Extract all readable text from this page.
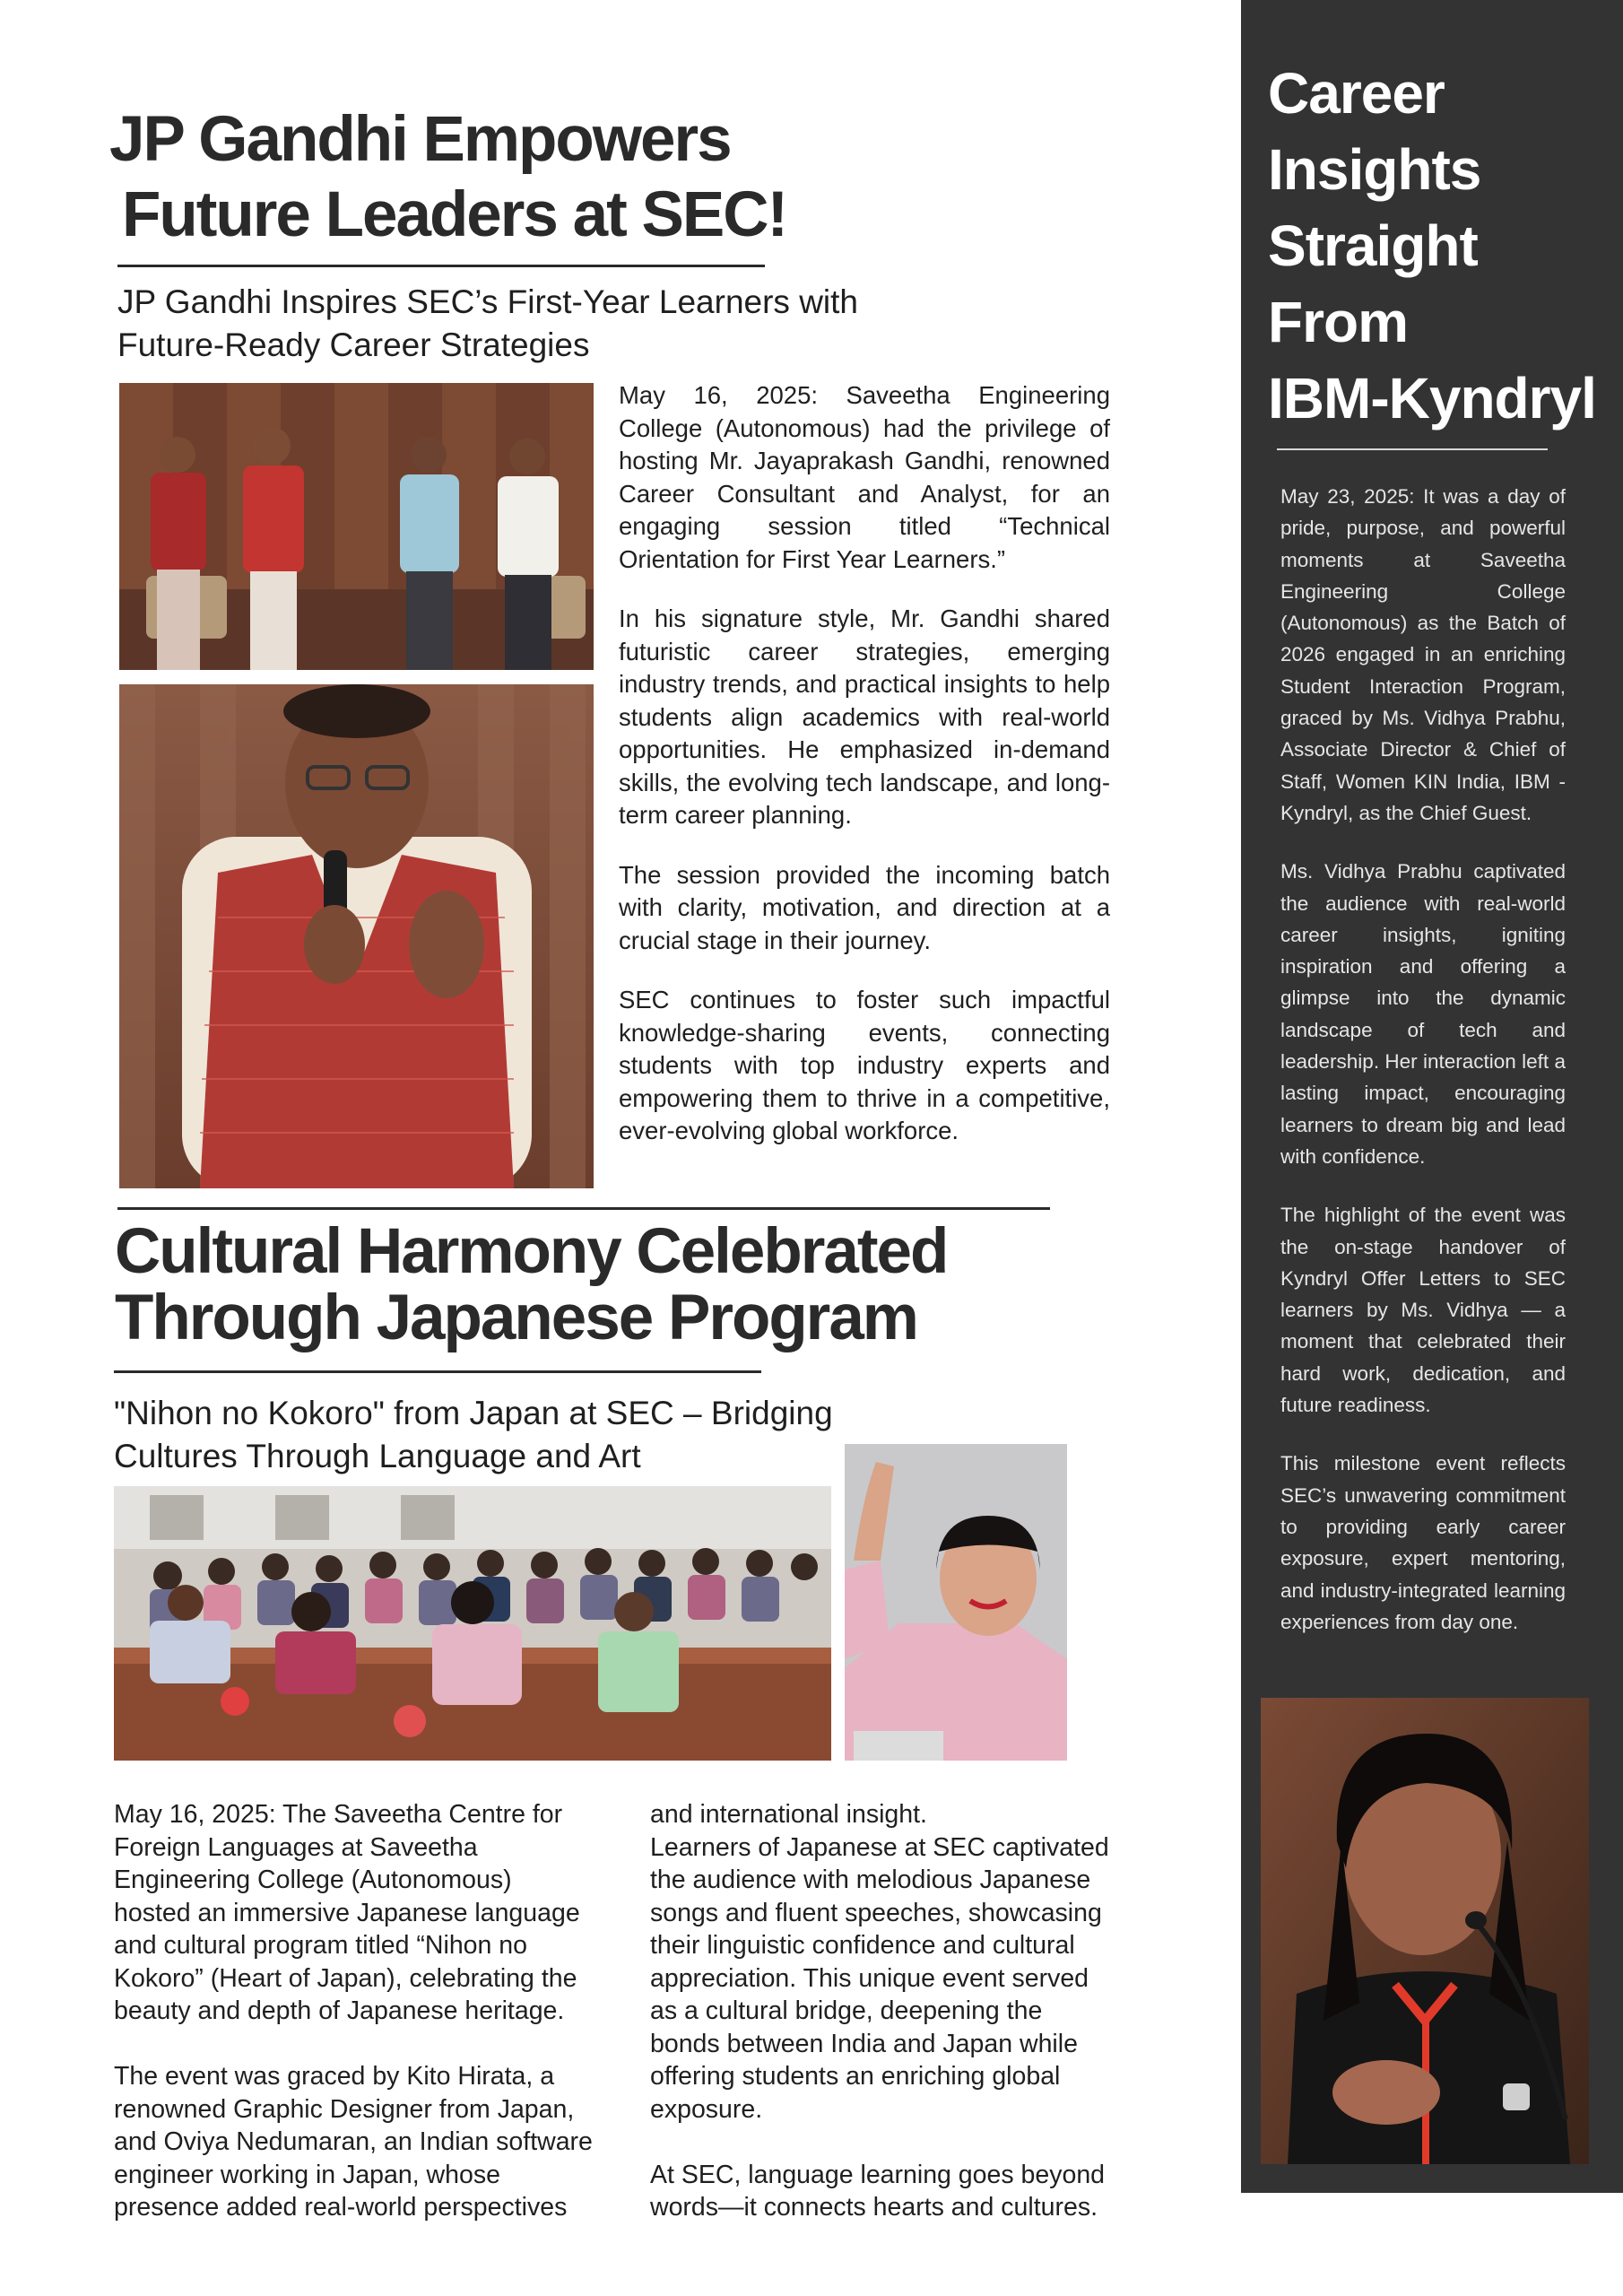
JP Gandhi Empowers
Future Leaders at SEC!
JP Gandhi Inspires SEC’s First-Year Learners with
Future-Ready Career Strategies

May 16, 2025: Saveetha Engineering College (Autonomous) had the privilege of hosting Mr. Jayaprakash Gandhi, renowned Career Consultant and Analyst, for an engaging session titled “Technical Orientation for First Year Learners.”

In his signature style, Mr. Gandhi shared futuristic career strategies, emerging industry trends, and practical insights to help students align academics with real-world opportunities. He emphasized in-demand skills, the evolving tech landscape, and long-term career planning.

The session provided the incoming batch with clarity, motivation, and direction at a crucial stage in their journey.

SEC continues to foster such impactful knowledge-sharing events, connecting students with top industry experts and empowering them to thrive in a competitive, ever-evolving global workforce.

Cultural Harmony Celebrated
Through Japanese Program
"Nihon no Kokoro" from Japan at SEC – Bridging
Cultures Through Language and Art
May 16, 2025: The Saveetha Centre for
Foreign Languages at Saveetha
Engineering College (Autonomous)
hosted an immersive Japanese language
and cultural program titled “Nihon no
Kokoro” (Heart of Japan), celebrating the
beauty and depth of Japanese heritage.

The event was graced by Kito Hirata, a
renowned Graphic Designer from Japan,
and Oviya Nedumaran, an Indian software
engineer working in Japan, whose
presence added real-world perspectives
and international insight.
Learners of Japanese at SEC captivated
the audience with melodious Japanese
songs and fluent speeches, showcasing
their linguistic confidence and cultural
appreciation. This unique event served
as a cultural bridge, deepening the
bonds between India and Japan while
offering students an enriching global
exposure.

At SEC, language learning goes beyond
words—it connects hearts and cultures.
Career
Insights
Straight
From
IBM-Kyndryl

May 23, 2025: It was a day of pride, purpose, and powerful moments at Saveetha Engineering College (Autonomous) as the Batch of 2026 engaged in an enriching Student Interaction Program, graced by Ms. Vidhya Prabhu, Associate Director & Chief of Staff, Women KIN India, IBM - Kyndryl, as the Chief Guest.

Ms. Vidhya Prabhu captivated the audience with real-world career insights, igniting inspiration and offering a glimpse into the dynamic landscape of tech and leadership. Her interaction left a lasting impact, encouraging learners to dream big and lead with confidence.

The highlight of the event was the on-stage handover of Kyndryl Offer Letters to SEC learners by Ms. Vidhya — a moment that celebrated their hard work, dedication, and future readiness.

This milestone event reflects SEC’s unwavering commitment to providing early career exposure, expert mentoring, and industry-integrated learning experiences from day one.
